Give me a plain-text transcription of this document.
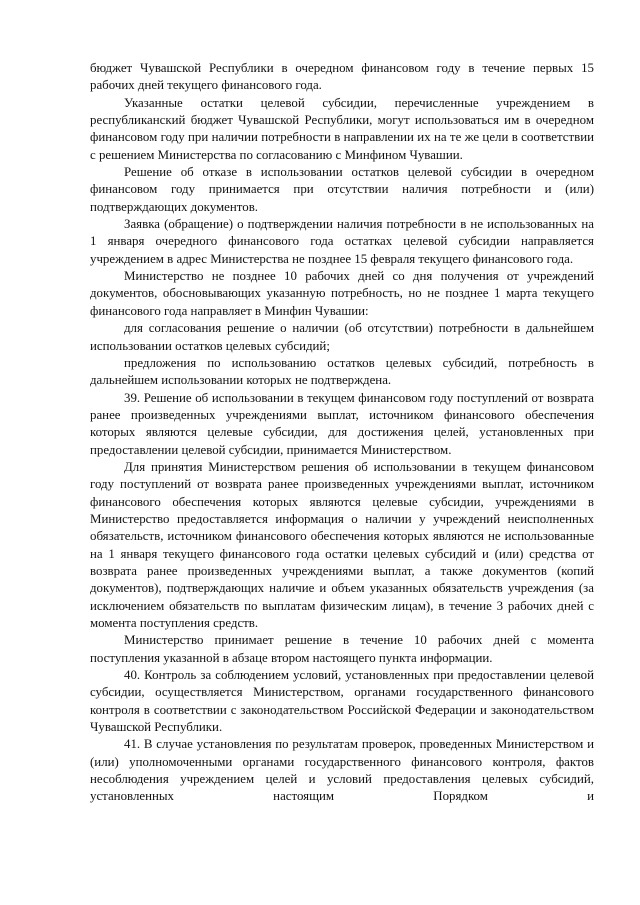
бюджет Чувашской Республики в очередном финансовом году в течение первых 15 рабочих дней текущего финансового года.

Указанные остатки целевой субсидии, перечисленные учреждением в республиканский бюджет Чувашской Республики, могут использоваться им в очередном финансовом году при наличии потребности в направлении их на те же цели в соответствии с решением Министерства по согласованию с Минфином Чувашии.

Решение об отказе в использовании остатков целевой субсидии в очередном финансовом году принимается при отсутствии наличия потребности и (или) подтверждающих документов.

Заявка (обращение) о подтверждении наличия потребности в не использованных на 1 января очередного финансового года остатках целевой субсидии направляется учреждением в адрес Министерства не позднее 15 февраля текущего финансового года.

Министерство не позднее 10 рабочих дней со дня получения от учреждений документов, обосновывающих указанную потребность, но не позднее 1 марта текущего финансового года направляет в Минфин Чувашии:

для согласования решение о наличии (об отсутствии) потребности в дальнейшем использовании остатков целевых субсидий;

предложения по использованию остатков целевых субсидий, потребность в дальнейшем использовании которых не подтверждена.

39. Решение об использовании в текущем финансовом году поступлений от возврата ранее произведенных учреждениями выплат, источником финансового обеспечения которых являются целевые субсидии, для достижения целей, установленных при предоставлении целевой субсидии, принимается Министерством.

Для принятия Министерством решения об использовании в текущем финансовом году поступлений от возврата ранее произведенных учреждениями выплат, источником финансового обеспечения которых являются целевые субсидии, учреждениями в Министерство предоставляется информация о наличии у учреждений неисполненных обязательств, источником финансового обеспечения которых являются не использованные на 1 января текущего финансового года остатки целевых субсидий и (или) средства от возврата ранее произведенных учреждениями выплат, а также документов (копий документов), подтверждающих наличие и объем указанных обязательств учреждения (за исключением обязательств по выплатам физическим лицам), в течение 3 рабочих дней с момента поступления средств.

Министерство принимает решение в течение 10 рабочих дней с момента поступления указанной в абзаце втором настоящего пункта информации.

40. Контроль за соблюдением условий, установленных при предоставлении целевой субсидии, осуществляется Министерством, органами государственного финансового контроля в соответствии с законодательством Российской Федерации и законодательством Чувашской Республики.

41. В случае установления по результатам проверок, проведенных Министерством и (или) уполномоченными органами государственного финансового контроля, фактов несоблюдения учреждением целей и условий предоставления целевых субсидий, установленных настоящим Порядком и
